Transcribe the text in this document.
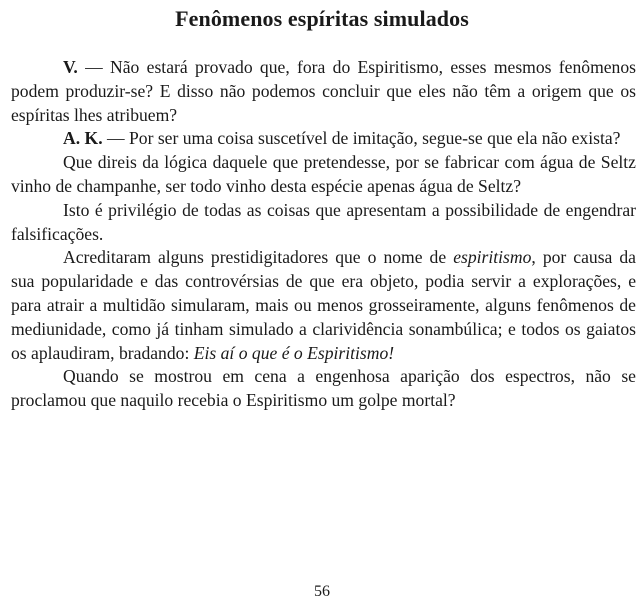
Fenômenos espíritas simulados

V. — Não estará provado que, fora do Espiritismo, esses mesmos fenômenos podem produzir-se? E disso não podemos concluir que eles não têm a origem que os espíritas lhes atribuem?

A. K. — Por ser uma coisa suscetível de imitação, segue-se que ela não exista?

Que direis da lógica daquele que pretendesse, por se fabricar com água de Seltz vinho de champanhe, ser todo vinho desta espécie apenas água de Seltz?

Isto é privilégio de todas as coisas que apresentam a possibilidade de engendrar falsificações.

Acreditaram alguns prestidigitadores que o nome de espiritismo, por causa da sua popularidade e das controvérsias de que era objeto, podia servir a explorações, e para atrair a multidão simularam, mais ou menos grosseiramente, alguns fenômenos de mediunidade, como já tinham simulado a clarividência sonambúlica; e todos os gaiatos os aplaudiram, bradando: Eis aí o que é o Espiritismo!

Quando se mostrou em cena a engenhosa aparição dos espectros, não se proclamou que naquilo recebia o Espiritismo um golpe mortal?

56
